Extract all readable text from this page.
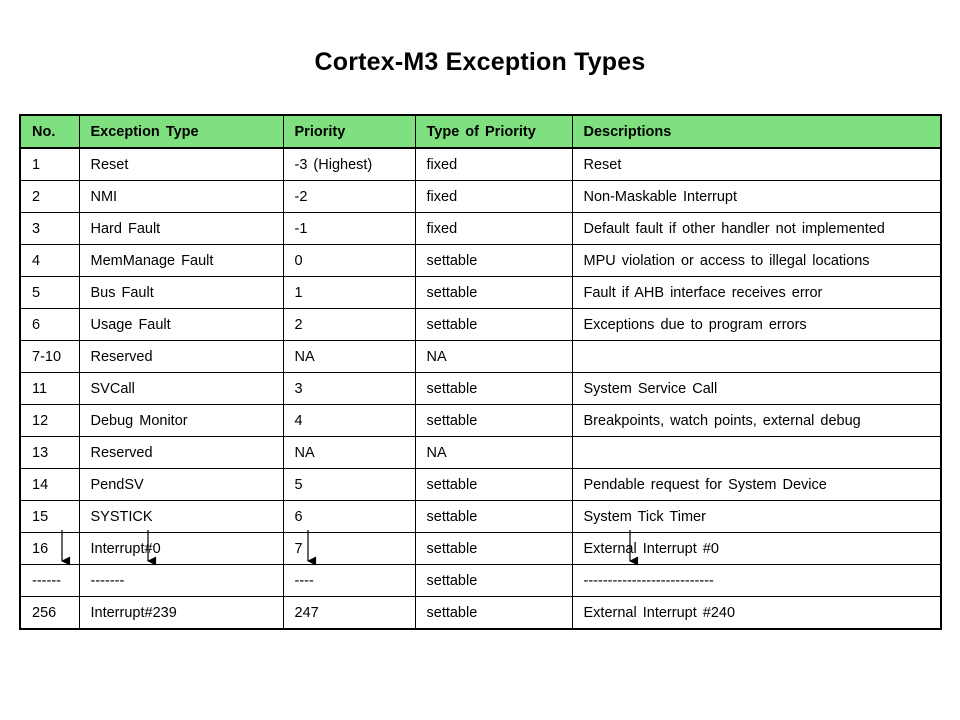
Cortex-M3 Exception Types
No.	Exception Type	Priority	Type of Priority	Descriptions
1	Reset	-3 (Highest)	fixed	Reset
2	NMI	-2	fixed	Non-Maskable Interrupt
3	Hard Fault	-1	fixed	Default fault if other handler not implemented
4	MemManage Fault	0	settable	MPU violation or access to illegal locations
5	Bus Fault	1	settable	Fault if AHB interface receives error
6	Usage Fault	2	settable	Exceptions due to program errors
7-10	Reserved	NA	NA	
11	SVCall	3	settable	System Service Call
12	Debug Monitor	4	settable	Breakpoints, watch points, external debug
13	Reserved	NA	NA	
14	PendSV	5	settable	Pendable request for System Device
15	SYSTICK	6	settable	System Tick Timer
16	Interrupt#0	7	settable	External Interrupt #0
------	-------	----	settable	---------------------------
256	Interrupt#239	247	settable	External Interrupt #240
